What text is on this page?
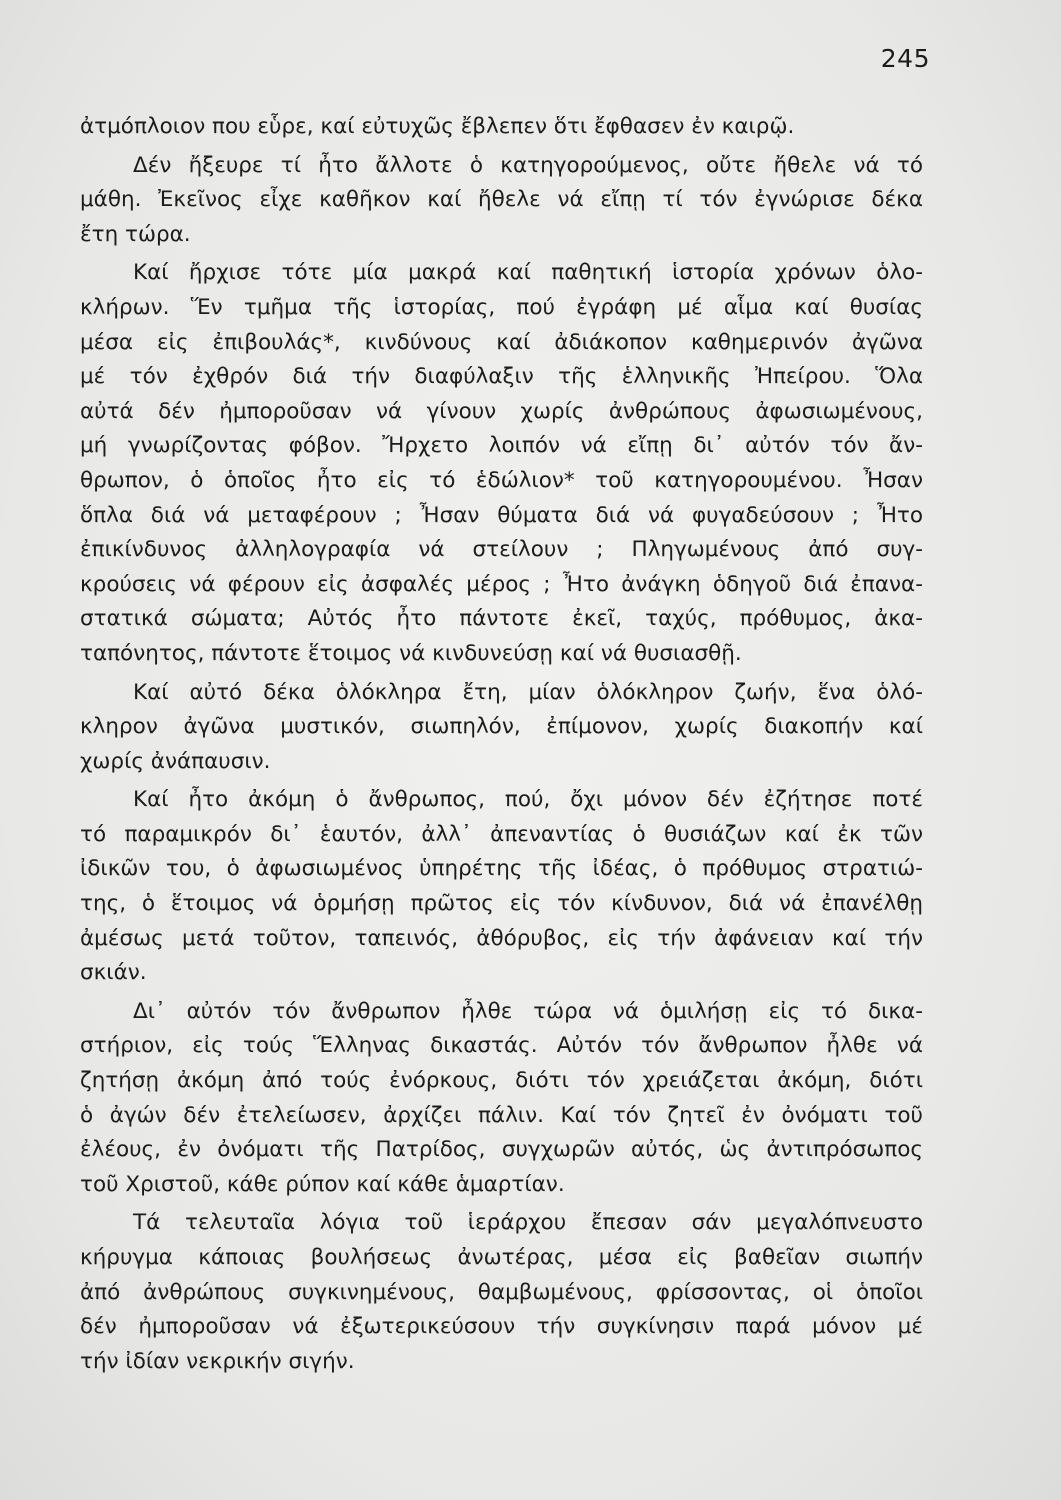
245
ἀτμόπλοιον που εὗρε, καί εὐτυχῶς ἔβλεπεν ὅτι ἔφθασεν ἐν καιρῷ.
Δέν ἤξευρε τί ἦτο ἄλλοτε ὁ κατηγορούμενος, οὔτε ἤθελε νά τό
μάθη. Ἐκεῖνος εἶχε καθῆκον καί ἤθελε νά εἴπῃ τί τόν ἐγνώρισε δέκα
ἔτη τώρα.
Καί ἤρχισε τότε μία μακρά καί παθητική ἱστορία χρόνων ὁλο-
κλήρων. Ἕν τμῆμα τῆς ἱστορίας, πού ἐγράφη μέ αἷμα καί θυσίας
μέσα εἰς ἐπιβουλάς*, κινδύνους καί ἀδιάκοπον καθημερινόν ἀγῶνα
μέ τόν ἐχθρόν διά τήν διαφύλαξιν τῆς ἑλληνικῆς Ἠπείρου. Ὅλα
αὐτά δέν ἠμποροῦσαν νά γίνουν χωρίς ἀνθρώπους ἀφωσιωμένους,
μή γνωρίζοντας φόβον. Ἤρχετο λοιπόν νά εἴπῃ δι᾽ αὐτόν τόν ἄν-
θρωπον, ὁ ὁποῖος ἦτο εἰς τό ἑδώλιον* τοῦ κατηγορουμένου. Ἦσαν
ὅπλα διά νά μεταφέρουν ; Ἦσαν θύματα διά νά φυγαδεύσουν ; Ἦτο
ἐπικίνδυνος ἀλληλογραφία νά στείλουν ; Πληγωμένους ἀπό συγ-
κρούσεις νά φέρουν εἰς ἀσφαλές μέρος ; Ἦτο ἀνάγκη ὁδηγοῦ διά ἐπανα-
στατικά σώματα; Αὐτός ἦτο πάντοτε ἐκεῖ, ταχύς, πρόθυμος, ἀκα-
ταπόνητος, πάντοτε ἕτοιμος νά κινδυνεύσῃ καί νά θυσιασθῇ.
Καί αὐτό δέκα ὁλόκληρα ἔτη, μίαν ὁλόκληρον ζωήν, ἕνα ὁλό-
κληρον ἀγῶνα μυστικόν, σιωπηλόν, ἐπίμονον, χωρίς διακοπήν καί
χωρίς ἀνάπαυσιν.
Καί ἦτο ἀκόμη ὁ ἄνθρωπος, πού, ὄχι μόνον δέν ἐζήτησε ποτέ
τό παραμικρόν δι᾽ ἑαυτόν, ἀλλ᾽ ἀπεναντίας ὁ θυσιάζων καί ἐκ τῶν
ἰδικῶν του, ὁ ἀφωσιωμένος ὑπηρέτης τῆς ἰδέας, ὁ πρόθυμος στρατιώ-
της, ὁ ἕτοιμος νά ὁρμήσῃ πρῶτος εἰς τόν κίνδυνον, διά νά ἐπανέλθῃ
ἀμέσως μετά τοῦτον, ταπεινός, ἀθόρυβος, εἰς τήν ἀφάνειαν καί τήν
σκιάν.
Δι᾽ αὐτόν τόν ἄνθρωπον ἦλθε τώρα νά ὁμιλήσῃ εἰς τό δικα-
στήριον, εἰς τούς Ἕλληνας δικαστάς. Αὐτόν τόν ἄνθρωπον ἦλθε νά
ζητήσῃ ἀκόμη ἀπό τούς ἐνόρκους, διότι τόν χρειάζεται ἀκόμη, διότι
ὁ ἀγών δέν ἐτελείωσεν, ἀρχίζει πάλιν. Καί τόν ζητεῖ ἐν ὀνόματι τοῦ
ἐλέους, ἐν ὀνόματι τῆς Πατρίδος, συγχωρῶν αὐτός, ὡς ἀντιπρόσωπος
τοῦ Χριστοῦ, κάθε ρύπον καί κάθε ἁμαρτίαν.
Τά τελευταῖα λόγια τοῦ ἱεράρχου ἔπεσαν σάν μεγαλόπνευστο
κήρυγμα κάποιας βουλήσεως ἀνωτέρας, μέσα εἰς βαθεῖαν σιωπήν
ἀπό ἀνθρώπους συγκινημένους, θαμβωμένους, φρίσσοντας, οἱ ὁποῖοι
δέν ἠμποροῦσαν νά ἐξωτερικεύσουν τήν συγκίνησιν παρά μόνον μέ
τήν ἰδίαν νεκρικήν σιγήν.
